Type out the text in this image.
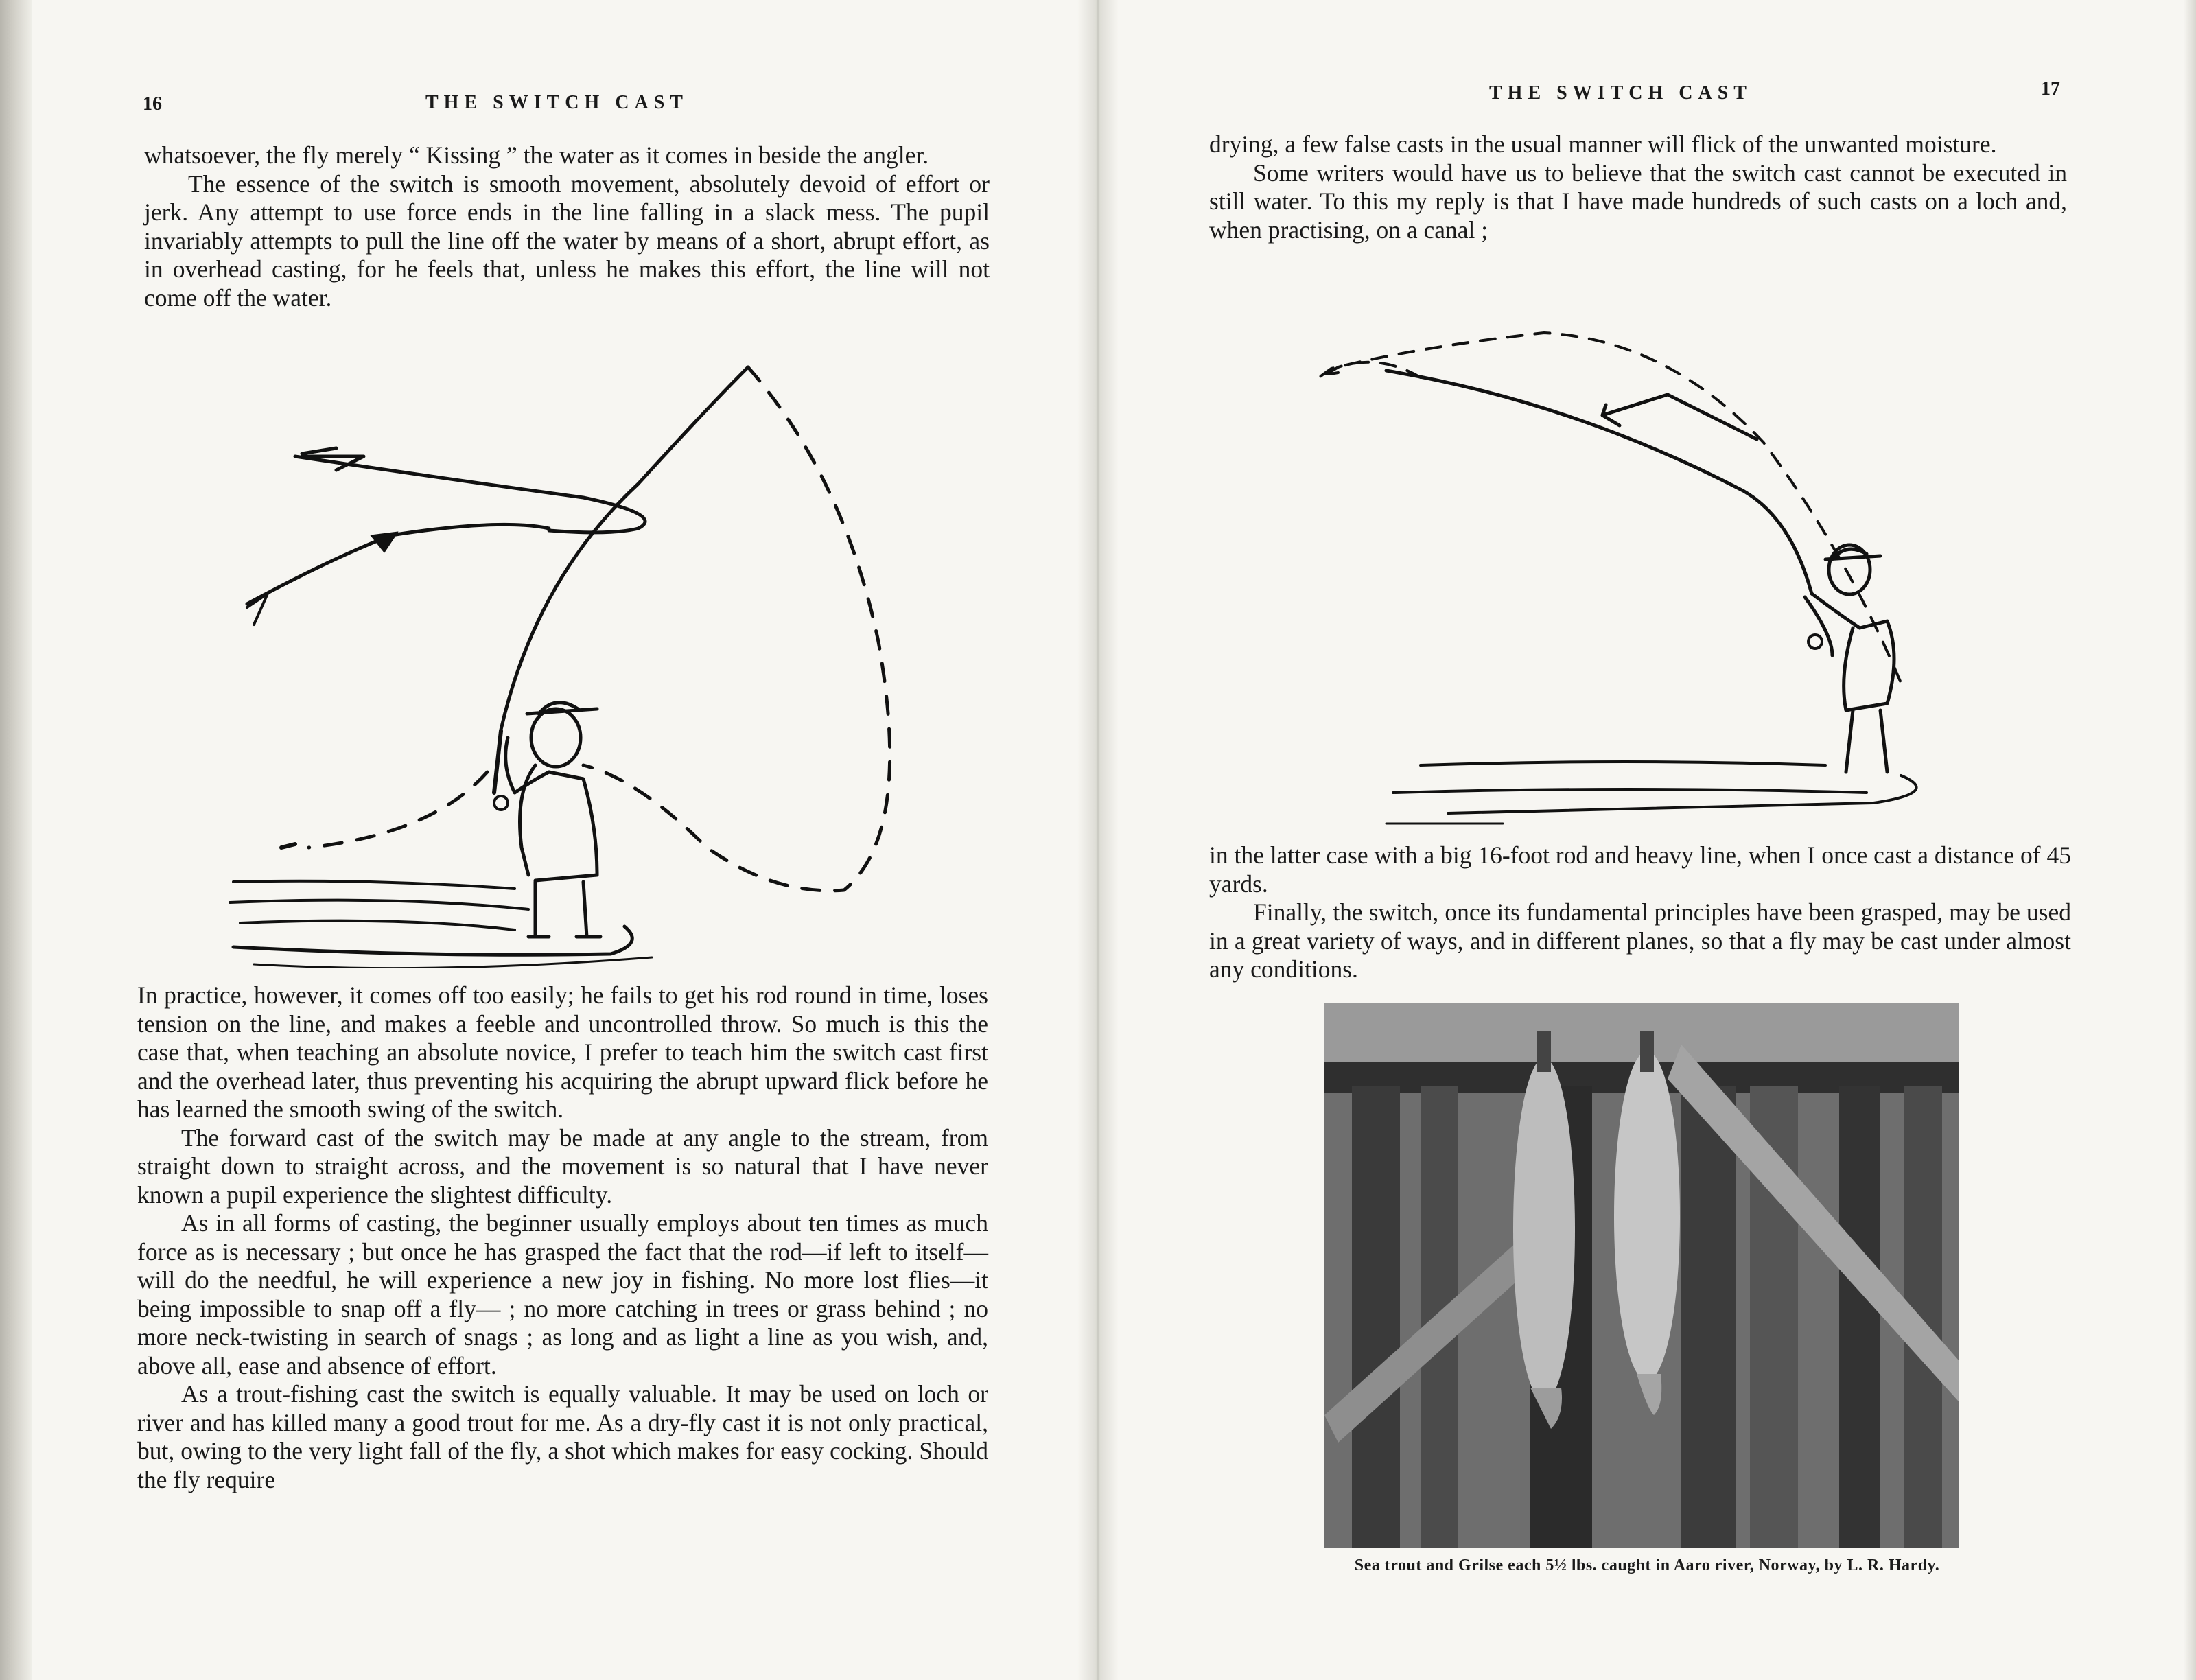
16	THE SWITCH CAST

whatsoever, the fly merely “ Kissing ” the water as it comes in beside the angler.

The essence of the switch is smooth movement, absolutely devoid of effort or jerk. Any attempt to use force ends in the line falling in a slack mess. The pupil invariably attempts to pull the line off the water by means of a short, abrupt effort, as in overhead casting, for he feels that, unless he makes this effort, the line will not come off the water.

In practice, however, it comes off too easily; he fails to get his rod round in time, loses tension on the line, and makes a feeble and uncontrolled throw. So much is this the case that, when teaching an absolute novice, I prefer to teach him the switch cast first and the overhead later, thus preventing his acquiring the abrupt upward flick before he has learned the smooth swing of the switch.

The forward cast of the switch may be made at any angle to the stream, from straight down to straight across, and the movement is so natural that I have never known a pupil experience the slightest difficulty.

As in all forms of casting, the beginner usually employs about ten times as much force as is necessary ; but once he has grasped the fact that the rod—if left to itself—will do the needful, he will experience a new joy in fishing. No more lost flies—it being impossible to snap off a fly— ; no more catching in trees or grass behind ; no more neck-twisting in search of snags ; as long and as light a line as you wish, and, above all, ease and absence of effort.

As a trout-fishing cast the switch is equally valuable. It may be used on loch or river and has killed many a good trout for me. As a dry-fly cast it is not only practical, but, owing to the very light fall of the fly, a shot which makes for easy cocking. Should the fly require

THE SWITCH CAST	17

drying, a few false casts in the usual manner will flick of the unwanted moisture.

Some writers would have us to believe that the switch cast cannot be executed in still water. To this my reply is that I have made hundreds of such casts on a loch and, when practising, on a canal ;

in the latter case with a big 16-foot rod and heavy line, when I once cast a distance of 45 yards.

Finally, the switch, once its fundamental principles have been grasped, may be used in a great variety of ways, and in different planes, so that a fly may be cast under almost any conditions.

Sea trout and Grilse each 5½ lbs. caught in Aaro river, Norway, by L. R. Hardy.
